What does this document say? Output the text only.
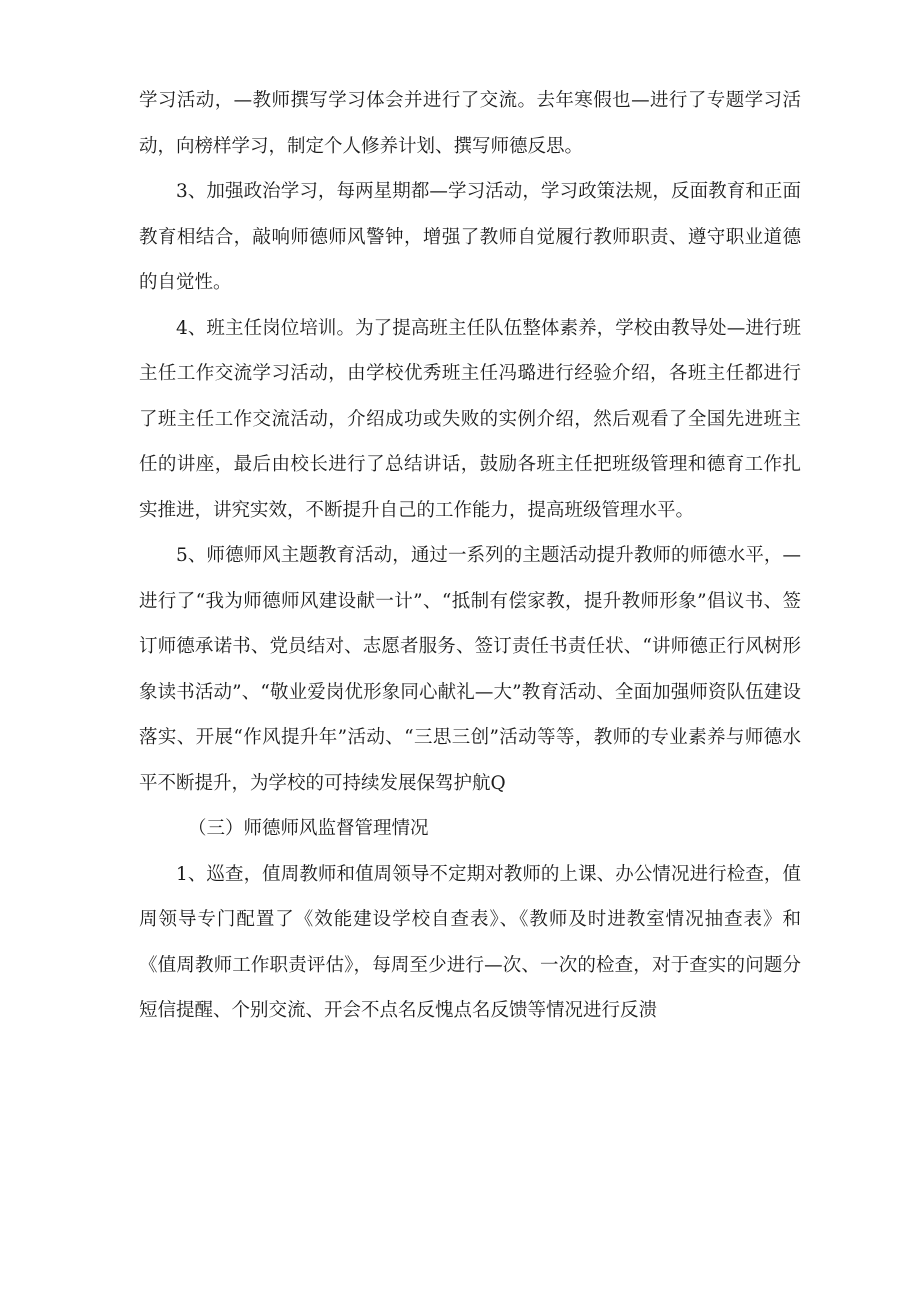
学习活动，—教师撰写学习体会并进行了交流。去年寒假也—进行了专题学习活动，向榜样学习，制定个人修养计划、撰写师德反思。

3、加强政治学习，每两星期都—学习活动，学习政策法规，反面教育和正面教育相结合，敲响师德师风警钟，增强了教师自觉履行教师职责、遵守职业道德的自觉性。

4、班主任岗位培训。为了提高班主任队伍整体素养，学校由教导处—进行班主任工作交流学习活动，由学校优秀班主任冯璐进行经验介绍，各班主任都进行了班主任工作交流活动，介绍成功或失败的实例介绍，然后观看了全国先进班主任的讲座，最后由校长进行了总结讲话，鼓励各班主任把班级管理和德育工作扎实推进，讲究实效，不断提升自己的工作能力，提高班级管理水平。

5、师德师风主题教育活动，通过一系列的主题活动提升教师的师德水平，—进行了“我为师德师风建设献一计”、“抵制有偿家教，提升教师形象”倡议书、签订师德承诺书、党员结对、志愿者服务、签订责任书责任状、“讲师德正行风树形象读书活动”、“敬业爱岗优形象同心献礼—大”教育活动、全面加强师资队伍建设落实、开展“作风提升年”活动、“三思三创”活动等等，教师的专业素养与师德水平不断提升，为学校的可持续发展保驾护航Q

（三）师德师风监督管理情况

1、巡查，值周教师和值周领导不定期对教师的上课、办公情况进行检查，值周领导专门配置了《效能建设学校自查表》、《教师及时进教室情况抽查表》和《值周教师工作职责评估》，每周至少进行—次、一次的检查，对于查实的问题分短信提醒、个别交流、开会不点名反愧点名反馈等情况进行反溃
